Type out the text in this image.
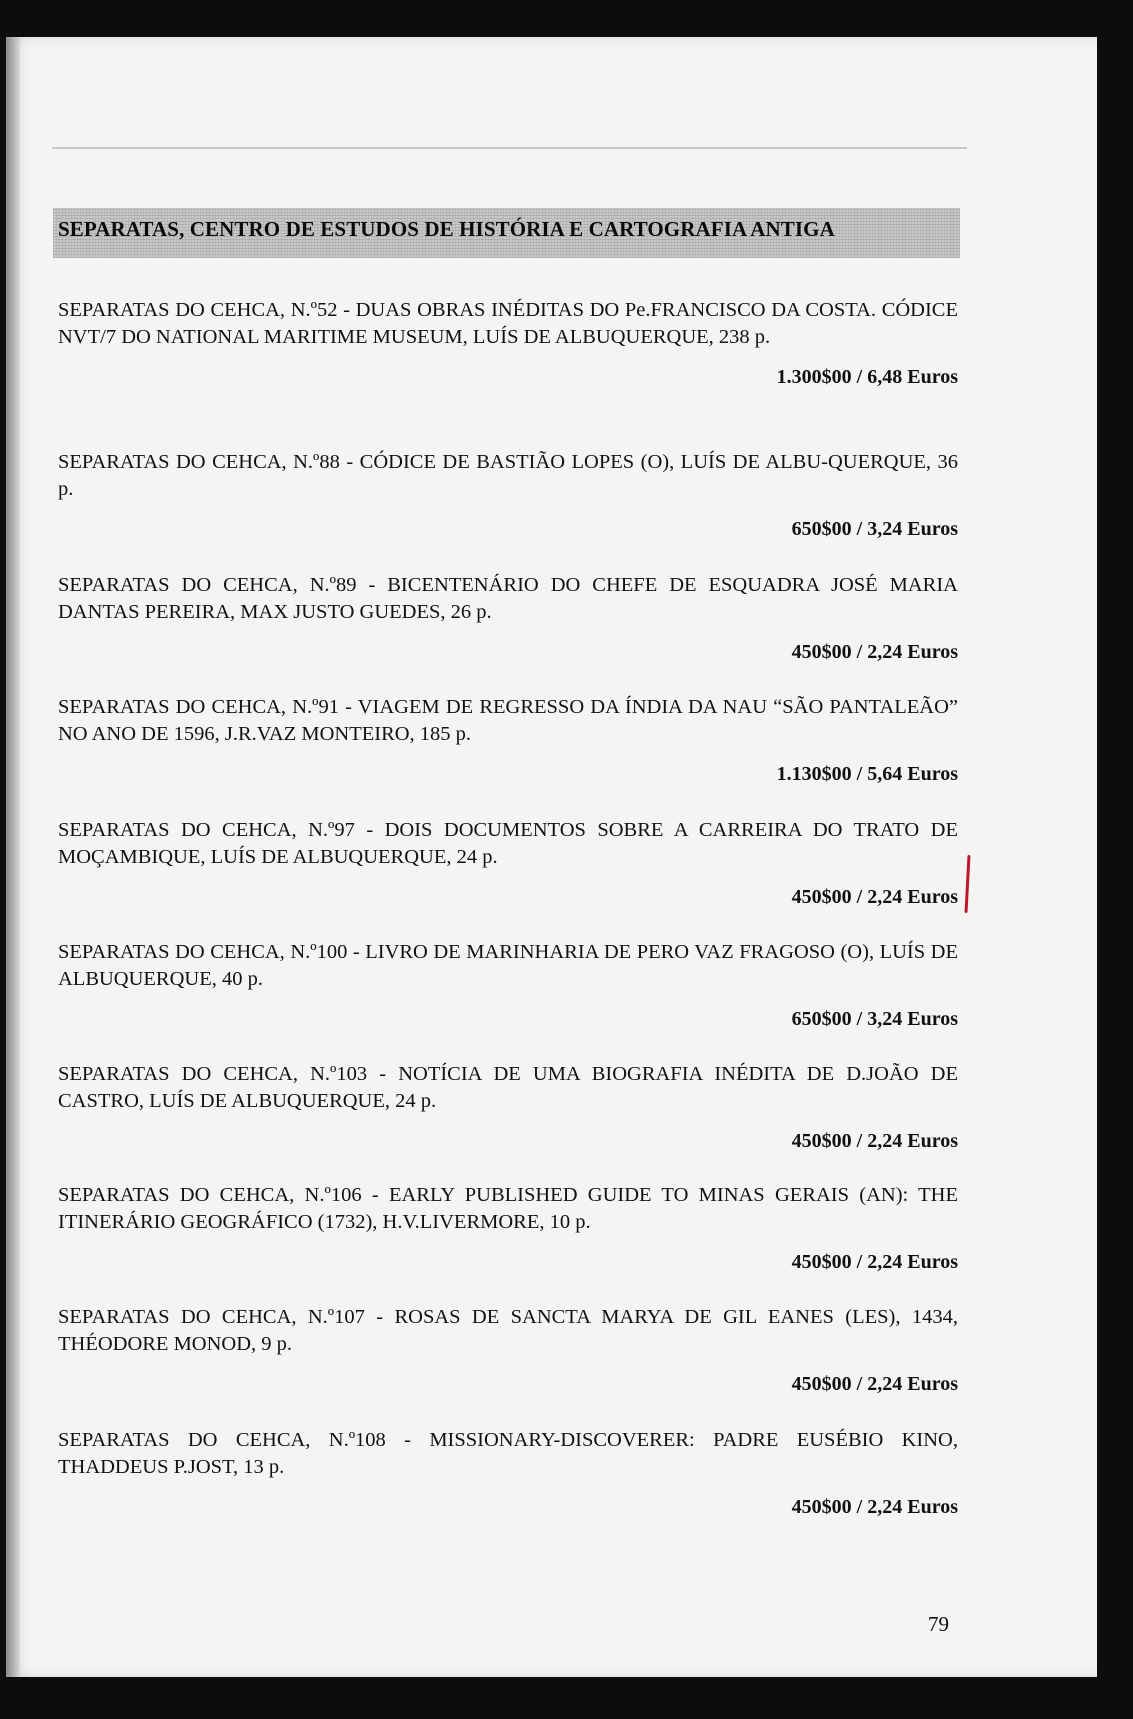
SEPARATAS, CENTRO DE ESTUDOS DE HISTÓRIA E CARTOGRAFIA ANTIGA

SEPARATAS DO CEHCA, N.º52 - DUAS OBRAS INÉDITAS DO Pe.FRANCISCO DA COSTA. CÓDICE NVT/7 DO NATIONAL MARITIME MUSEUM, LUÍS DE ALBUQUERQUE, 238 p.

1.300$00 / 6,48 Euros

SEPARATAS DO CEHCA, N.º88 - CÓDICE DE BASTIÃO LOPES (O), LUÍS DE ALBU-QUERQUE, 36 p.

650$00 / 3,24 Euros

SEPARATAS DO CEHCA, N.º89 - BICENTENÁRIO DO CHEFE DE ESQUADRA JOSÉ MARIA DANTAS PEREIRA, MAX JUSTO GUEDES, 26 p.

450$00 / 2,24 Euros

SEPARATAS DO CEHCA, N.º91 - VIAGEM DE REGRESSO DA ÍNDIA DA NAU “SÃO PANTALEÃO” NO ANO DE 1596, J.R.VAZ MONTEIRO, 185 p.

1.130$00 / 5,64 Euros

SEPARATAS DO CEHCA, N.º97 - DOIS DOCUMENTOS SOBRE A CARREIRA DO TRATO DE MOÇAMBIQUE, LUÍS DE ALBUQUERQUE, 24 p.

450$00 / 2,24 Euros

SEPARATAS DO CEHCA, N.º100 - LIVRO DE MARINHARIA DE PERO VAZ FRAGOSO (O), LUÍS DE ALBUQUERQUE, 40 p.

650$00 / 3,24 Euros

SEPARATAS DO CEHCA, N.º103 - NOTÍCIA DE UMA BIOGRAFIA INÉDITA DE D.JOÃO DE CASTRO, LUÍS DE ALBUQUERQUE, 24 p.

450$00 / 2,24 Euros

SEPARATAS DO CEHCA, N.º106 - EARLY PUBLISHED GUIDE TO MINAS GERAIS (AN): THE ITINERÁRIO GEOGRÁFICO (1732), H.V.LIVERMORE, 10 p.

450$00 / 2,24 Euros

SEPARATAS DO CEHCA, N.º107 - ROSAS DE SANCTA MARYA DE GIL EANES (LES), 1434, THÉODORE MONOD, 9 p.

450$00 / 2,24 Euros

SEPARATAS DO CEHCA, N.º108 - MISSIONARY-DISCOVERER: PADRE EUSÉBIO KINO, THADDEUS P.JOST, 13 p.

450$00 / 2,24 Euros
79
